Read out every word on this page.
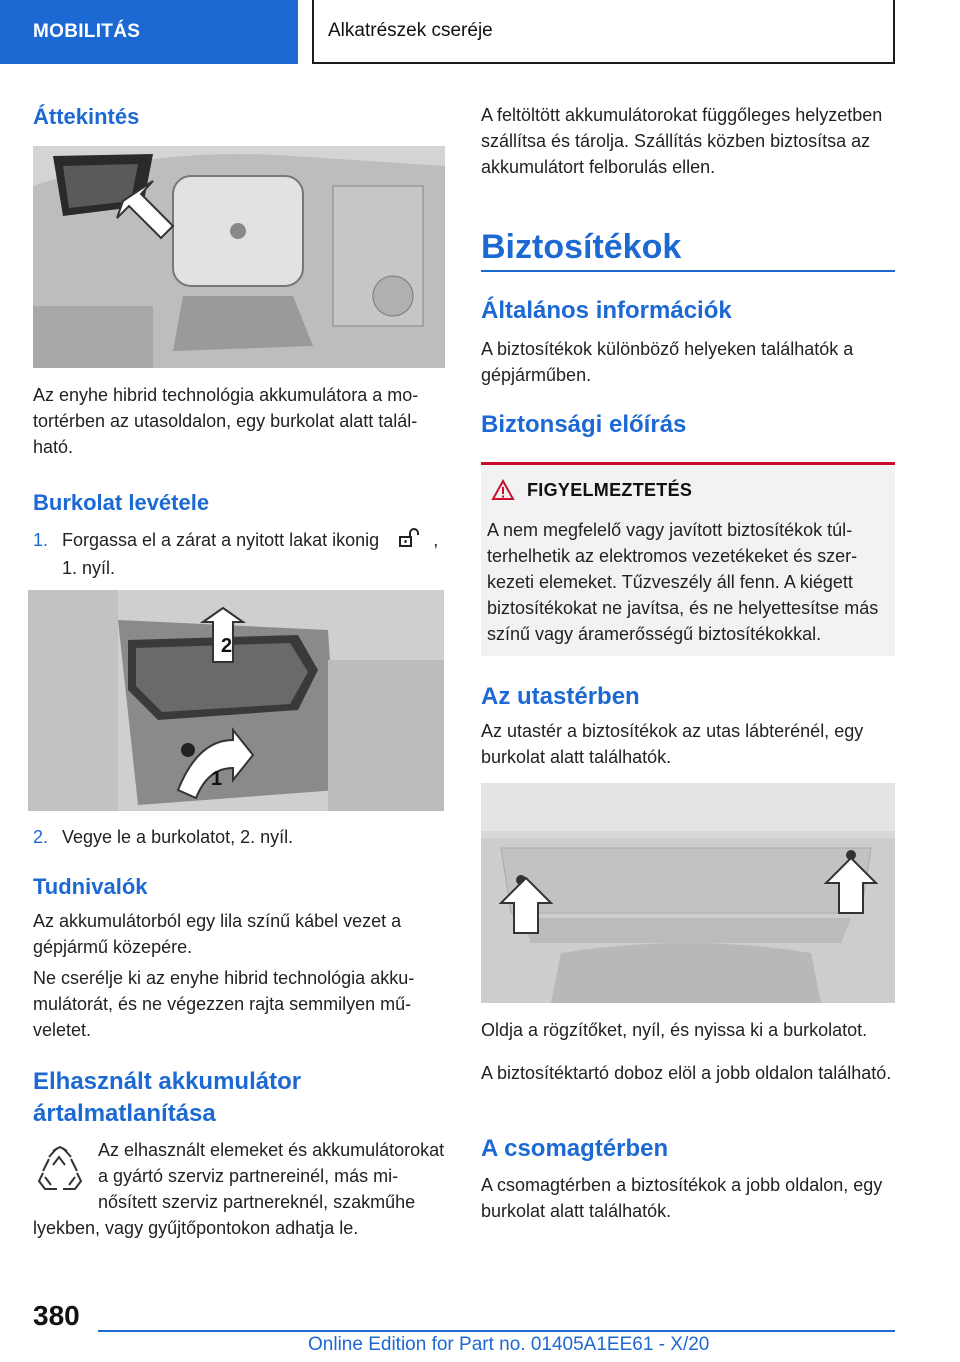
MOBILITÁS	Alkatrészek cseréje
Áttekintés

Az enyhe hibrid technológia akkumulátora a motortérben az utasoldalon, egy burkolat alatt található.

Burkolat levétele
1. Forgassa el a zárat a nyitott lakat ikonig	,
1. nyíl.
2
1
2. Vegye le a burkolatot, 2. nyíl.
Tudnivalók

Az akkumulátorból egy lila színű kábel vezet a gépjármű közepére.

Ne cserélje ki az enyhe hibrid technológia akkumulátorát, és ne végezzen rajta semmilyen műveletet.

Elhasznált akkumulátor ártalmatlanítása

Az elhasznált elemeket és akkumulátorokat a gyártó szerviz partnereinél, más minősített szerviz partnereknél, szakműhe

lyekben, vagy gyűjtőpontokon adhatja le.

A feltöltött akkumulátorokat függőleges helyzetben szállítsa és tárolja. Szállítás közben biztosítsa az akkumulátort felborulás ellen.

Biztosítékok
Általános információk

A biztosítékok különböző helyeken találhatók a gépjárműben.

Biztonsági előírás
FIGYELMEZTETÉS

A nem megfelelő vagy javított biztosítékok túlterhelhetik az elektromos vezetékeket és szerkezeti elemeket. Tűzveszély áll fenn. A kiégett biztosítékokat ne javítsa, és ne helyettesítse más színű vagy áramerősségű biztosítékokkal.

Az utastérben

Az utastér a biztosítékok az utas lábterénél, egy burkolat alatt találhatók.

Oldja a rögzítőket, nyíl, és nyissa ki a burkolatot.

A biztosítéktartó doboz elöl a jobb oldalon található.

A csomagtérben

A csomagtérben a biztosítékok a jobb oldalon, egy burkolat alatt találhatók.

380
Online Edition for Part no. 01405A1EE61 - X/20
